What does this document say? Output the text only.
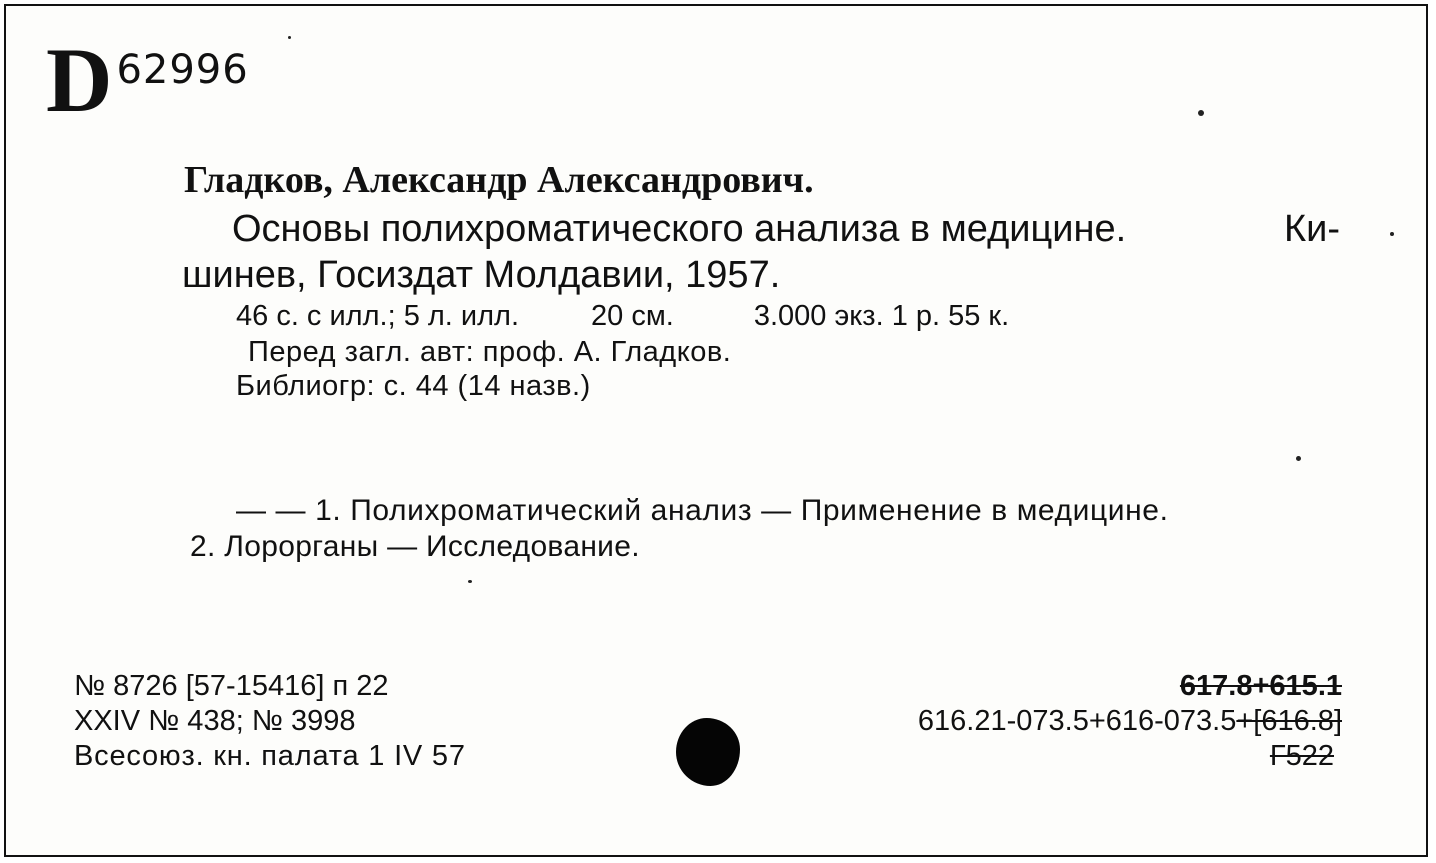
D 62996
Гладков, Александр Александрович.
Основы полихроматического анализа в медицине.	Ки-
шинев, Госиздат Молдавии, 1957.
46 с. с илл.; 5 л. илл. 20 см.	3.000 экз. 1 р. 55 к.
Перед загл. авт: проф. А. Гладков.
Библиогр: с. 44 (14 назв.)
— — 1. Полихроматический анализ — Применение в медицине.
2. Лорорганы — Исследование.
№ 8726 [57-15416] п 22
XXIV № 438; № 3998
Всесоюз. кн. палата 1 IV 57
617.8+615.1
616.21-073.5+616-073.5+[616.8]
Г522
